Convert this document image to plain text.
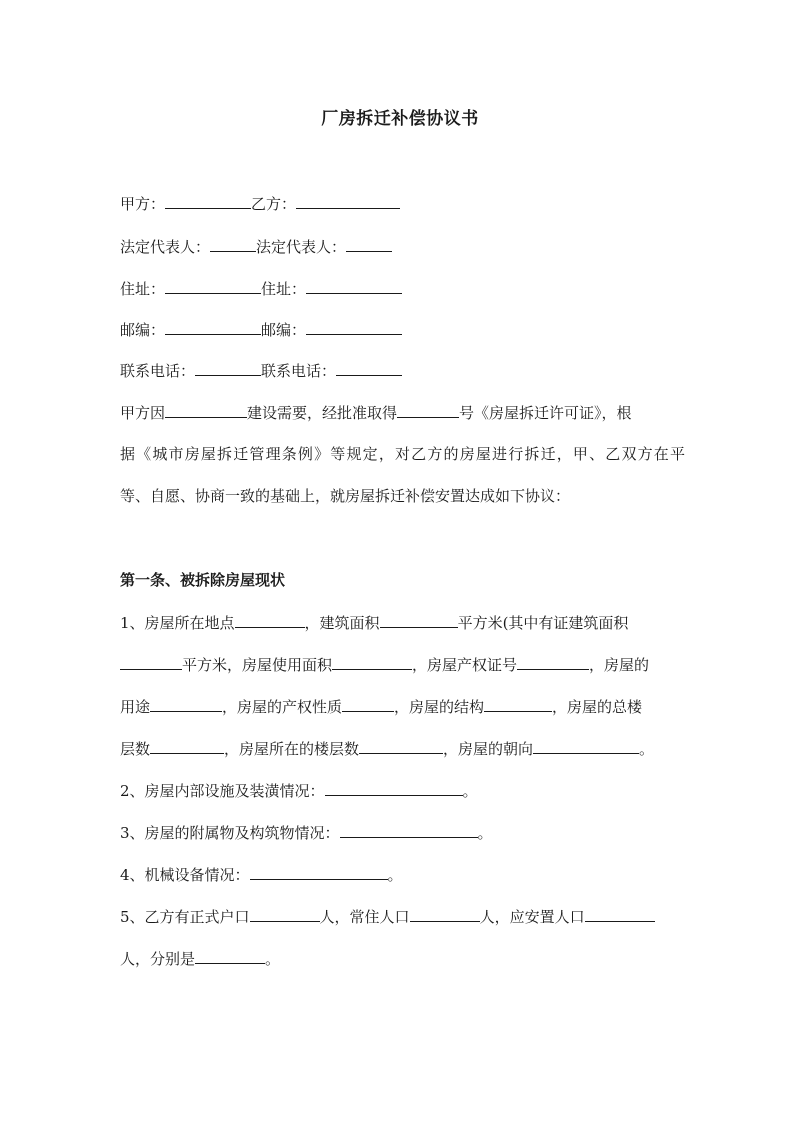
厂房拆迁补偿协议书
甲方：	乙方：
法定代表人：	法定代表人：
住址：	住址：
邮编：	邮编：
联系电话：	联系电话：
甲方因	建设需要，经批准取得	号《房屋拆迁许可证》，根
据《城市房屋拆迁管理条例》等规定，对乙方的房屋进行拆迁，甲、乙双方在平
等、自愿、协商一致的基础上，就房屋拆迁补偿安置达成如下协议：
第一条、被拆除房屋现状
1、房屋所在地点	，建筑面积	平方米(其中有证建筑面积
平方米，房屋使用面积	，房屋产权证号	，房屋的
用途	，房屋的产权性质	，房屋的结构	，房屋的总楼
层数	，房屋所在的楼层数	，房屋的朝向	。
2、房屋内部设施及装潢情况：	。
3、房屋的附属物及构筑物情况：	。
4、机械设备情况：	。
5、乙方有正式户口	人，常住人口	人，应安置人口
人，分别是	。
